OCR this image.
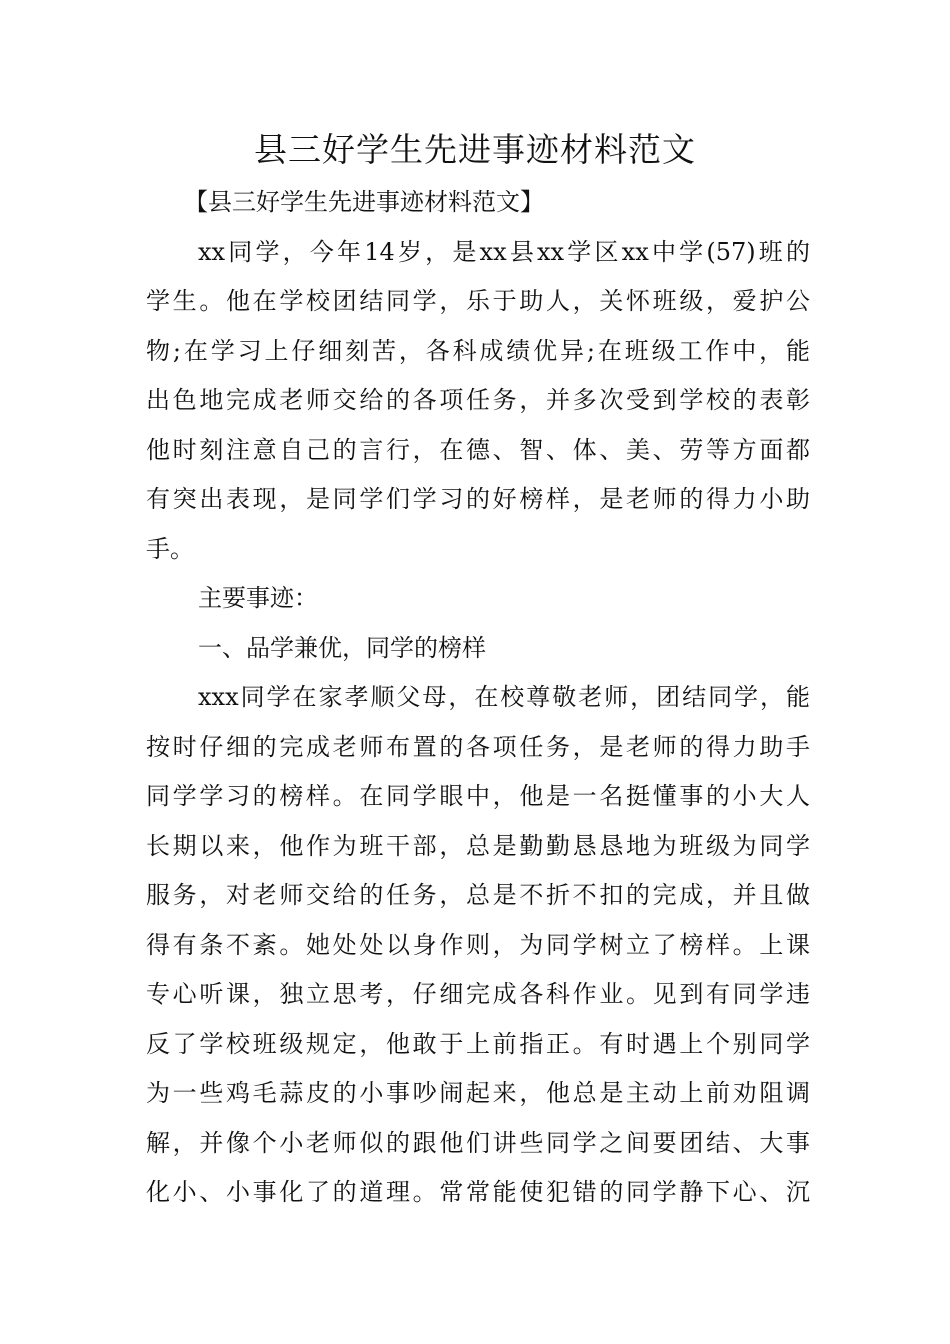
县三好学生先进事迹材料范文
【县三好学生先进事迹材料范文】
xx同学，今年14岁，是xx县xx学区xx中学(57)班的
学生。他在学校团结同学，乐于助人，关怀班级，爱护公
物;在学习上仔细刻苦，各科成绩优异;在班级工作中，能
出色地完成老师交给的各项任务，并多次受到学校的表彰
他时刻注意自己的言行，在德、智、体、美、劳等方面都
有突出表现，是同学们学习的好榜样，是老师的得力小助
手。
主要事迹：
一、品学兼优，同学的榜样
xxx同学在家孝顺父母，在校尊敬老师，团结同学，能
按时仔细的完成老师布置的各项任务，是老师的得力助手
同学学习的榜样。在同学眼中，他是一名挺懂事的小大人
长期以来，他作为班干部，总是勤勤恳恳地为班级为同学
服务，对老师交给的任务，总是不折不扣的完成，并且做
得有条不紊。她处处以身作则，为同学树立了榜样。上课
专心听课，独立思考，仔细完成各科作业。见到有同学违
反了学校班级规定，他敢于上前指正。有时遇上个别同学
为一些鸡毛蒜皮的小事吵闹起来，他总是主动上前劝阻调
解，并像个小老师似的跟他们讲些同学之间要团结、大事
化小、小事化了的道理。常常能使犯错的同学静下心、沉
